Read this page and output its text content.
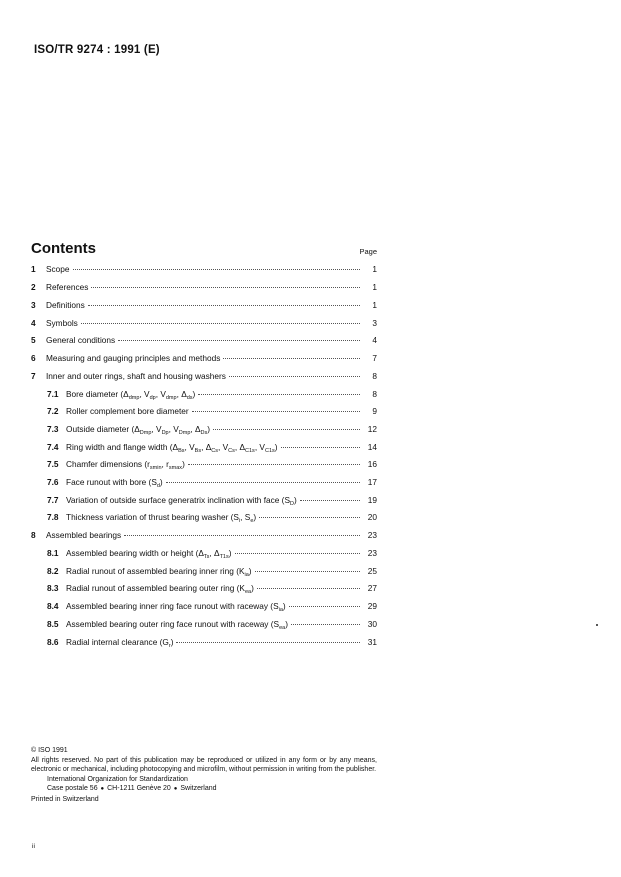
ISO/TR 9274 : 1991 (E)
Contents	Page
1	Scope	1
2	References	1
3	Definitions	1
4	Symbols	3
5	General conditions	4
6	Measuring and gauging principles and methods	7
7	Inner and outer rings, shaft and housing washers	8
7.1 Bore diameter ($\Delta_{dmp}$, $V_{dp}$, $V_{dmp}$, $\Delta_{ds}$)	8
7.2 Roller complement bore diameter	9
7.3 Outside diameter ($\Delta_{Dmp}$, $V_{Dp}$, $V_{Dmp}$, $\Delta_{Ds}$)	12
7.4 Ring width and flange width ($\Delta_{Bs}$, $V_{Bs}$, $\Delta_{Cs}$, $V_{Cs}$, $\Delta_{C1s}$, $V_{C1s}$)	14
7.5 Chamfer dimensions ($r_{smin}$, $r_{smax}$)	16
7.6 Face runout with bore $(S_d)$	17
7.7 Variation of outside surface generatrix inclination with face $(S_D)$	19
7.8 Thickness variation of thrust bearing washer ($S_i$, $S_e$)	20
8	Assembled bearings	23
8.1 Assembled bearing width or height ($\Delta_{Ts}$, $\Delta_{T1s}$)	23
8.2 Radial runout of assembled bearing inner ring $(K_{ia})$	25
8.3 Radial runout of assembled bearing outer ring $(K_{ea})$	27
8.4 Assembled bearing inner ring face runout with raceway $(S_{ia})$	29
8.5 Assembled bearing outer ring face runout with raceway $(S_{ea})$	30
8.6 Radial internal clearance $(G_r)$	31

© ISO 1991

All rights reserved. No part of this publication may be reproduced or utilized in any form or by any means, electronic or mechanical, including photocopying and microfilm, without permission in writing from the publisher.

International Organization for Standardization

Case postale 56 ● CH-1211 Genève 20 ● Switzerland

Printed in Switzerland

ii
